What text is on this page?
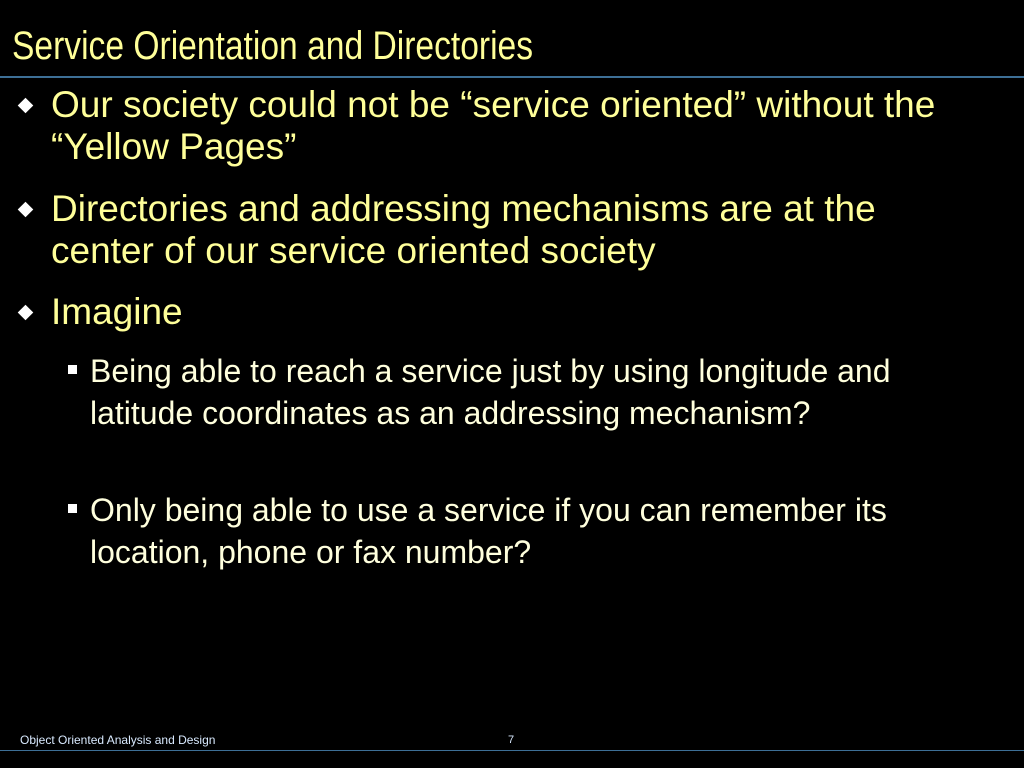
Service Orientation and Directories
Our society could not be “service oriented” without the “Yellow Pages”
Directories and addressing mechanisms are at the center of our service oriented society
Imagine
Being able to reach a service just by using longitude and latitude coordinates as an addressing mechanism?
Only being able to use a service if you can remember its location, phone or fax number?
Object Oriented Analysis and Design	7
